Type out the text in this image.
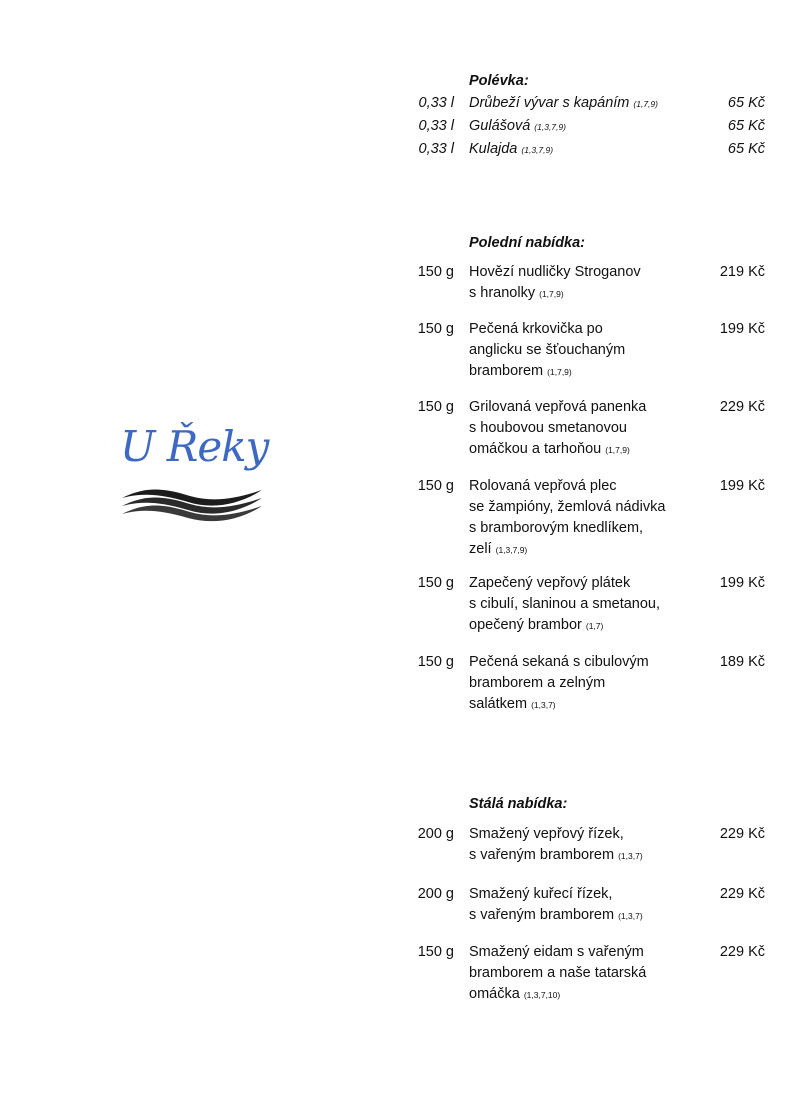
U Řeky
Polévka:
0,33 l Drůbeží vývar s kapáním (1,7,9)	65 Kč
0,33 l Gulášová (1,3,7,9)	65 Kč
0,33 l Kulajda (1,3,7,9)	65 Kč
Polední nabídka:
150 g Hovězí nudličky Stroganov
s hranolky (1,7,9)
219 Kč
150 g Pečená krkovička po
anglicku se šťouchaným
bramborem (1,7,9)
199 Kč
150 g Grilovaná vepřová panenka
s houbovou smetanovou
omáčkou a tarhoňou (1,7,9)
229 Kč
150 g Rolovaná vepřová plec
se žampióny, žemlová nádivka
s bramborovým knedlíkem,
zelí (1,3,7,9)
199 Kč
150 g Zapečený vepřový plátek
s cibulí, slaninou a smetanou,
opečený brambor (1,7)
199 Kč
150 g Pečená sekaná s cibulovým
bramborem a zelným
salátkem (1,3,7)
189 Kč
Stálá nabídka:
200 g Smažený vepřový řízek,
s vařeným bramborem (1,3,7)
229 Kč
200 g Smažený kuřecí řízek,
s vařeným bramborem (1,3,7)
229 Kč
150 g Smažený eidam s vařeným
bramborem a naše tatarská
omáčka (1,3,7,10)
229 Kč
